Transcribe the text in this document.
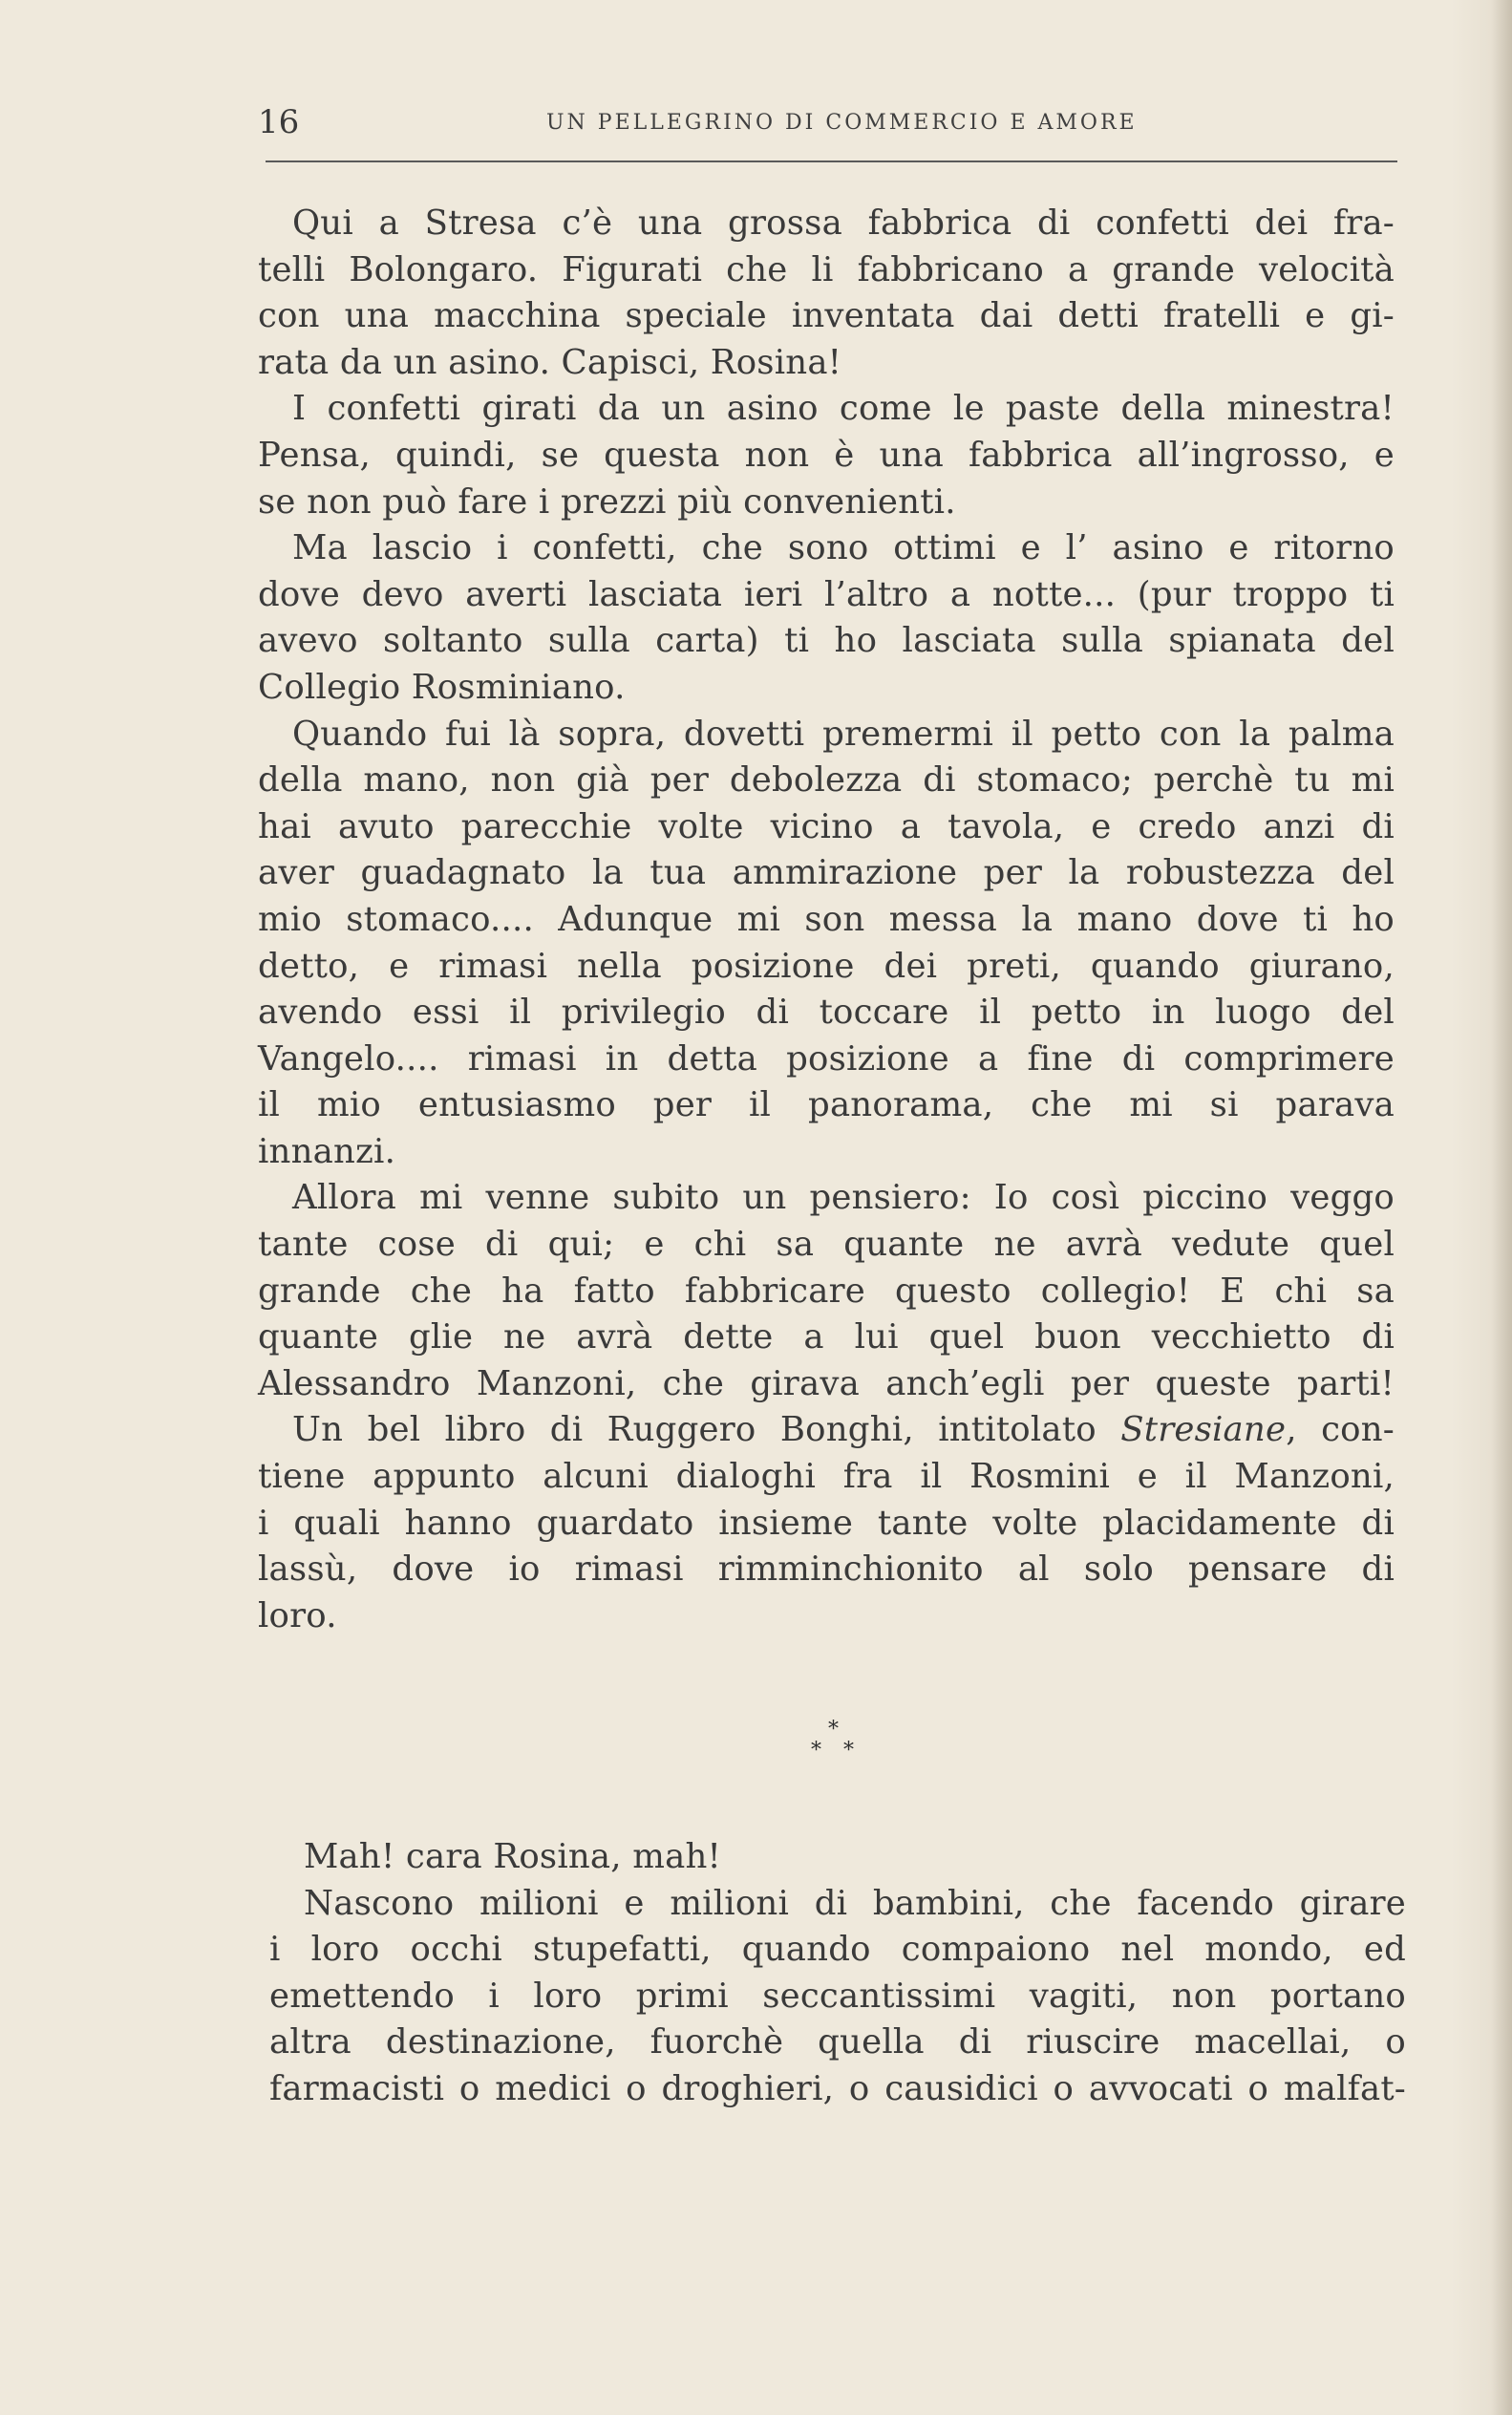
16	UN PELLEGRINO DI COMMERCIO E AMORE
Qui a Stresa c’è una grossa fabbrica di confetti dei fra-
telli Bolongaro. Figurati che li fabbricano a grande velocità
con una macchina speciale inventata dai detti fratelli e gi-
rata da un asino. Capisci, Rosina!
I confetti girati da un asino come le paste della minestra!
Pensa, quindi, se questa non è una fabbrica all’ingrosso, e
se non può fare i prezzi più convenienti.
Ma lascio i confetti, che sono ottimi e l’ asino e ritorno
dove devo averti lasciata ieri l’altro a notte... (pur troppo ti
avevo soltanto sulla carta) ti ho lasciata sulla spianata del
Collegio Rosminiano.
Quando fui là sopra, dovetti premermi il petto con la palma
della mano, non già per debolezza di stomaco; perchè tu mi
hai avuto parecchie volte vicino a tavola, e credo anzi di
aver guadagnato la tua ammirazione per la robustezza del
mio stomaco.... Adunque mi son messa la mano dove ti ho
detto, e rimasi nella posizione dei preti, quando giurano,
avendo essi il privilegio di toccare il petto in luogo del
Vangelo.... rimasi in detta posizione a fine di comprimere
il mio entusiasmo per il panorama, che mi si parava
innanzi.
Allora mi venne subito un pensiero: Io così piccino veggo
tante cose di qui; e chi sa quante ne avrà vedute quel
grande che ha fatto fabbricare questo collegio! E chi sa
quante glie ne avrà dette a lui quel buon vecchietto di
Alessandro Manzoni, che girava anch’egli per queste parti!
Un bel libro di Ruggero Bonghi, intitolato Stresiane, con-
tiene appunto alcuni dialoghi fra il Rosmini e il Manzoni,
i quali hanno guardato insieme tante volte placidamente di
lassù, dove io rimasi rimminchionito al solo pensare di
loro.
*
* *
Mah! cara Rosina, mah!
Nascono milioni e milioni di bambini, che facendo girare
i loro occhi stupefatti, quando compaiono nel mondo, ed
emettendo i loro primi seccantissimi vagiti, non portano
altra destinazione, fuorchè quella di riuscire macellai, o
farmacisti o medici o droghieri, o causidici o avvocati o malfat-
